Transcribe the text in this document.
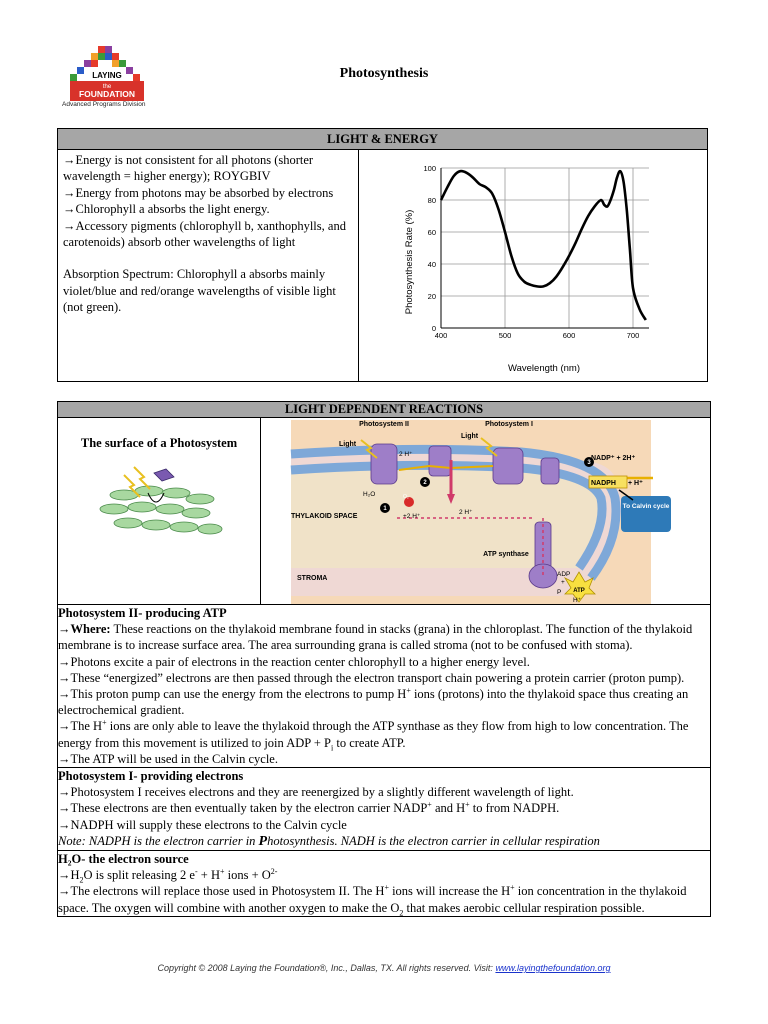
LAYING
the
FOUNDATION
Advanced Programs Division
Photosynthesis
LIGHT & ENERGY

→Energy is not consistent for all photons (shorter wavelength = higher energy); ROYGBIV

→Energy from photons may be absorbed by electrons

→Chlorophyll a absorbs the light energy.

→Accessory pigments (chlorophyll b, xanthophylls, and carotenoids) absorb other wavelengths of light

Absorption Spectrum: Chlorophyll a absorbs mainly violet/blue and red/orange wavelengths of visible light (not green).

0
20
40
60
80
100
400	500	600	700
Wavelength (nm)
Photosynthesis Rate (%)
LIGHT DEPENDENT REACTIONS

The surface of a Photosystem

Photosystem II	Photosystem I
Light
Light
THYLAKOID SPACE
STROMA
NADP⁺ + 2H⁺
NADPH + H⁺
ATP synthase
ATP
H₂O	O₂
+2 H⁺
2 H⁺
2 H⁺
ADP
+
P
H⁺
To Calvin cycle
1
2
3

Photosystem II- producing ATP

→Where: These reactions on the thylakoid membrane found in stacks (grana) in the chloroplast. The function of the thylakoid membrane is to increase surface area. The area surrounding grana is called stroma (not to be confused with stoma).

→Photons excite a pair of electrons in the reaction center chlorophyll to a higher energy level.

→These “energized” electrons are then passed through the electron transport chain powering a protein carrier (proton pump).

→This proton pump can use the energy from the electrons to pump H+ ions (protons) into the thylakoid space thus creating an electrochemical gradient.

→The H+ ions are only able to leave the thylakoid through the ATP synthase as they flow from high to low concentration. The energy from this movement is utilized to join ADP + $P_i$ to create ATP.

→The ATP will be used in the Calvin cycle.

Photosystem I- providing electrons

→Photosystem I receives electrons and they are reenergized by a slightly different wavelength of light.

→These electrons are then eventually taken by the electron carrier NADP+ and H+ to from NADPH.

→NADPH will supply these electrons to the Calvin cycle

Note: NADPH is the electron carrier in Photosynthesis. NADH is the electron carrier in cellular respiration

H₂O- the electron source

$\to H_2O$ is split releasing 2 e- + H+ ions + $O^{2-}$

→The electrons will replace those used in Photosystem II. The H+ ions will increase the H+ ion concentration in the thylakoid space. The oxygen will combine with another oxygen to make the $O_2$ that makes aerobic cellular respiration possible.

Copyright © 2008 Laying the Foundation®, Inc., Dallas, TX. All rights reserved. Visit: www.layingthefoundation.org
